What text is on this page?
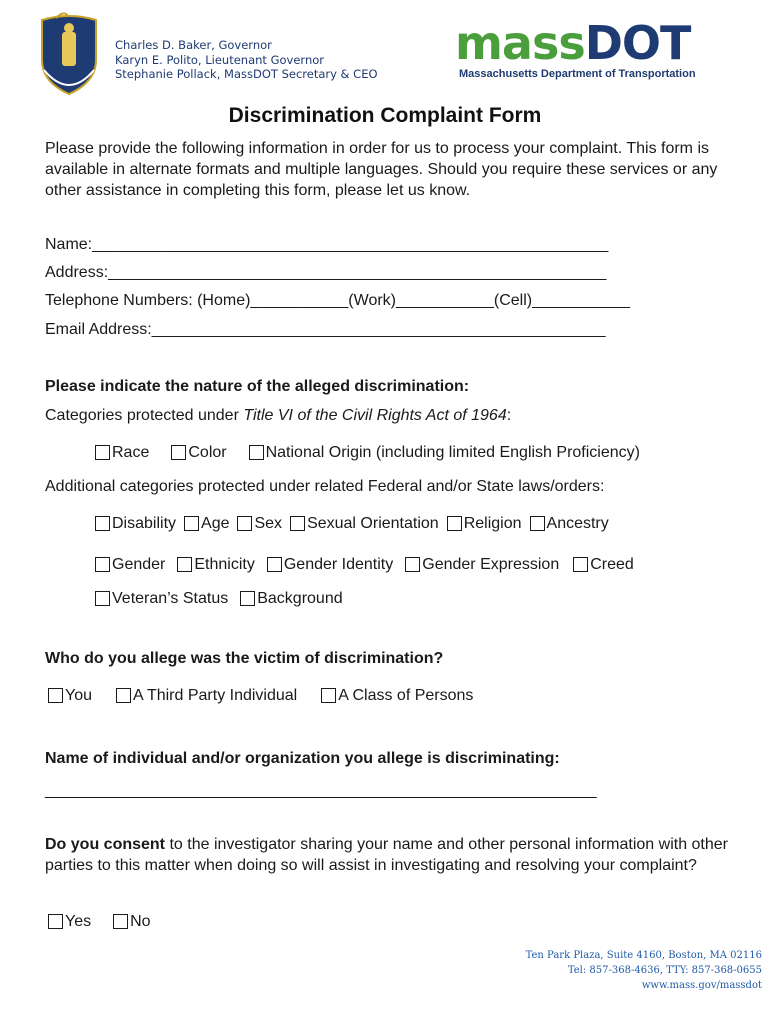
Charles D. Baker, Governor
Karyn E. Polito, Lieutenant Governor
Stephanie Pollack, MassDOT Secretary & CEO
massDOT
Massachusetts Department of Transportation
Discrimination Complaint Form
Please provide the following information in order for us to process your complaint. This form is available in alternate formats and multiple languages. Should you require these services or any other assistance in completing this form, please let us know.
Name:__________________________________________________________
Address:________________________________________________________
Telephone Numbers: (Home)___________(Work)___________(Cell)___________
Email Address:___________________________________________________
Please indicate the nature of the alleged discrimination:
Categories protected under Title VI of the Civil Rights Act of 1964:
Race Color National Origin (including limited English Proficiency)
Additional categories protected under related Federal and/or State laws/orders:
Disability Age Sex Sexual Orientation Religion Ancestry
Gender Ethnicity Gender Identity Gender Expression Creed
Veteran’s Status Background
Who do you allege was the victim of discrimination?
You	A Third Party Individual	A Class of Persons
Name of individual and/or organization you allege is discriminating:
______________________________________________________________
Do you consent to the investigator sharing your name and other personal information with other parties to this matter when doing so will assist in investigating and resolving your complaint?
Yes No
Ten Park Plaza, Suite 4160, Boston, MA 02116
Tel: 857-368-4636, TTY: 857-368-0655
www.mass.gov/massdot
